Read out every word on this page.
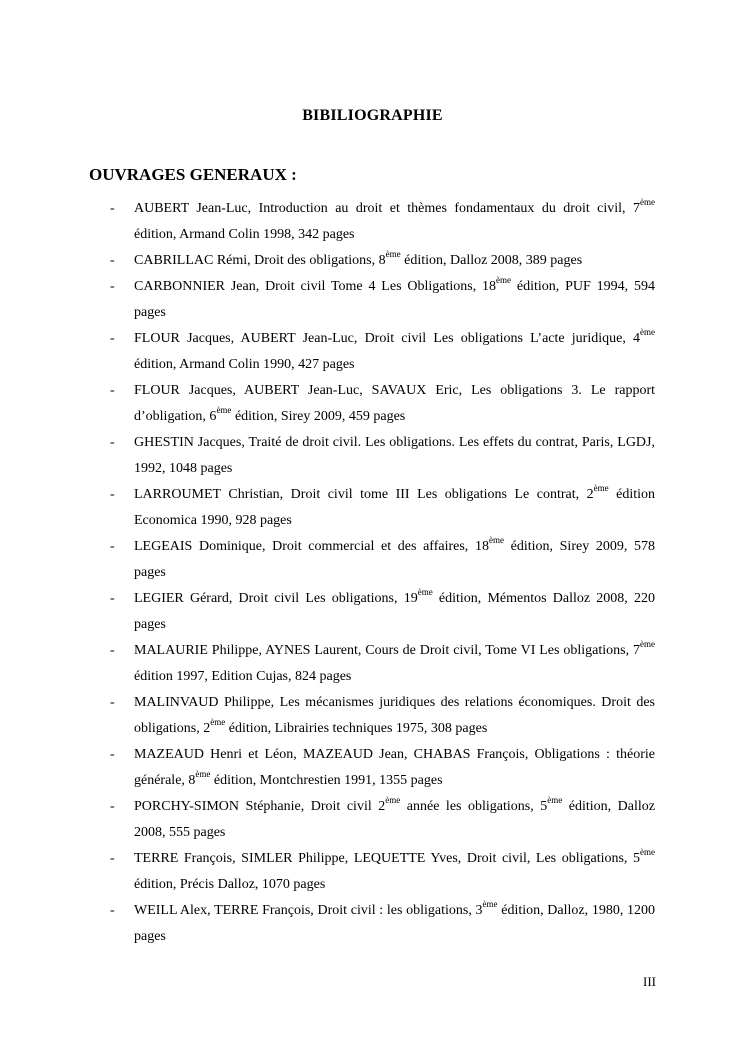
BIBILIOGRAPHIE
OUVRAGES GENERAUX :
- AUBERT Jean-Luc, Introduction au droit et thèmes fondamentaux du droit civil, 7ème édition, Armand Colin 1998, 342 pages
- CABRILLAC Rémi, Droit des obligations, 8ème édition, Dalloz 2008, 389 pages
- CARBONNIER Jean, Droit civil Tome 4 Les Obligations, 18ème édition, PUF 1994, 594 pages
- FLOUR Jacques, AUBERT Jean-Luc, Droit civil Les obligations L’acte juridique, 4ème édition, Armand Colin 1990, 427 pages
- FLOUR Jacques, AUBERT Jean-Luc, SAVAUX Eric, Les obligations 3. Le rapport d’obligation, 6ème édition, Sirey 2009, 459 pages
- GHESTIN Jacques, Traité de droit civil. Les obligations. Les effets du contrat, Paris, LGDJ, 1992, 1048 pages
- LARROUMET Christian, Droit civil tome III Les obligations Le contrat, 2ème édition Economica 1990, 928 pages
- LEGEAIS Dominique, Droit commercial et des affaires, 18ème édition, Sirey 2009, 578 pages
- LEGIER Gérard, Droit civil Les obligations, 19ème édition, Mémentos Dalloz 2008, 220 pages
- MALAURIE Philippe, AYNES Laurent, Cours de Droit civil, Tome VI Les obligations, 7ème édition 1997, Edition Cujas, 824 pages
- MALINVAUD Philippe, Les mécanismes juridiques des relations économiques. Droit des obligations, 2ème édition, Librairies techniques 1975, 308 pages
- MAZEAUD Henri et Léon, MAZEAUD Jean, CHABAS François, Obligations : théorie générale, 8ème édition, Montchrestien 1991, 1355 pages
- PORCHY-SIMON Stéphanie, Droit civil 2ème année les obligations, 5ème édition, Dalloz 2008, 555 pages
- TERRE François, SIMLER Philippe, LEQUETTE Yves, Droit civil, Les obligations, 5ème édition, Précis Dalloz, 1070 pages
- WEILL Alex, TERRE François, Droit civil : les obligations, 3ème édition, Dalloz, 1980, 1200 pages
III
